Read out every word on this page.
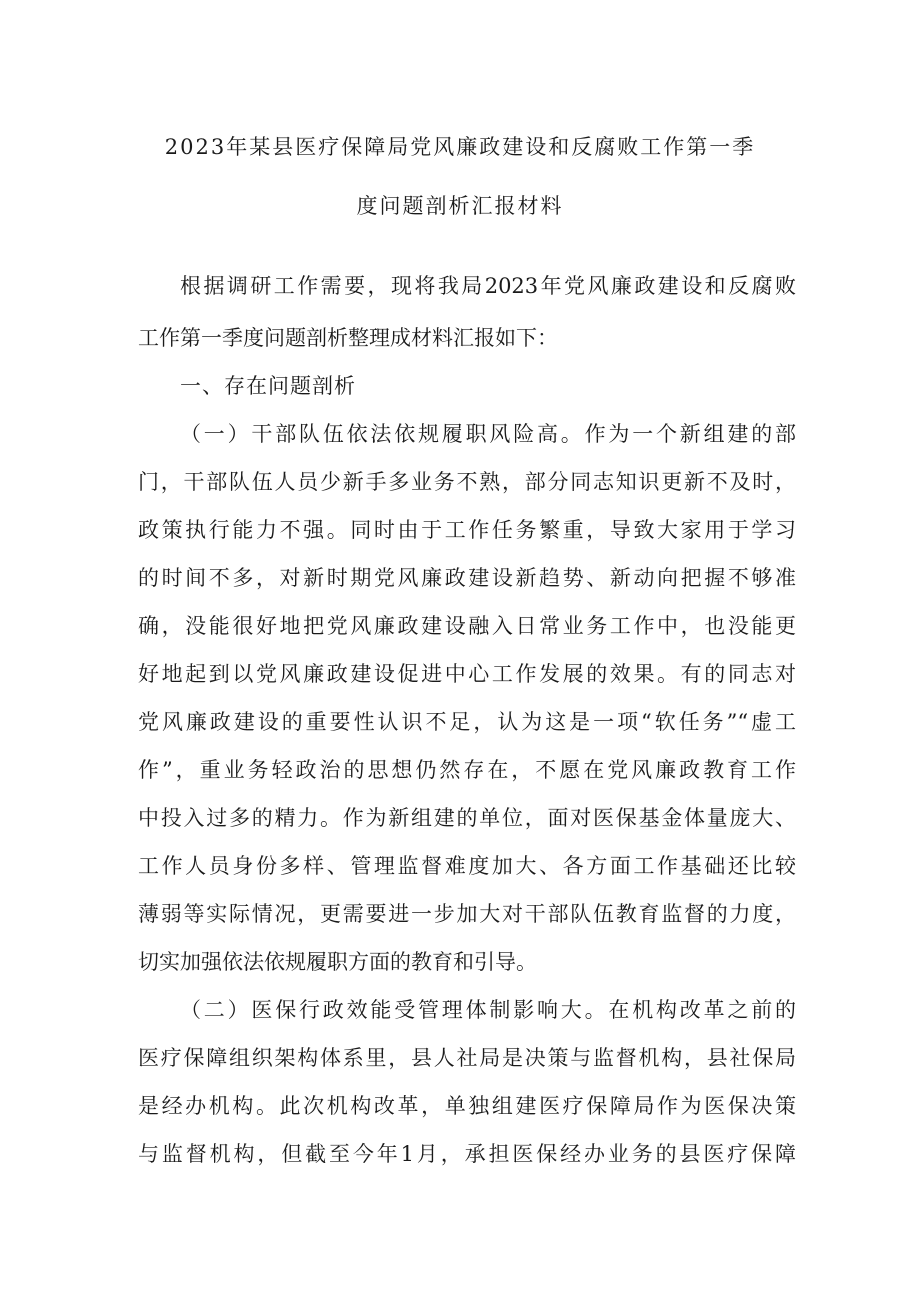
2023年某县医疗保障局党风廉政建设和反腐败工作第一季
度问题剖析汇报材料
根据调研工作需要，现将我局2023年党风廉政建设和反腐败
工作第一季度问题剖析整理成材料汇报如下：
一、存在问题剖析
（一）干部队伍依法依规履职风险高。作为一个新组建的部
门，干部队伍人员少新手多业务不熟，部分同志知识更新不及时，
政策执行能力不强。同时由于工作任务繁重，导致大家用于学习
的时间不多，对新时期党风廉政建设新趋势、新动向把握不够准
确，没能很好地把党风廉政建设融入日常业务工作中，也没能更
好地起到以党风廉政建设促进中心工作发展的效果。有的同志对
党风廉政建设的重要性认识不足，认为这是一项“软任务”“虚工
作”，重业务轻政治的思想仍然存在，不愿在党风廉政教育工作
中投入过多的精力。作为新组建的单位，面对医保基金体量庞大、
工作人员身份多样、管理监督难度加大、各方面工作基础还比较
薄弱等实际情况，更需要进一步加大对干部队伍教育监督的力度，
切实加强依法依规履职方面的教育和引导。
（二）医保行政效能受管理体制影响大。在机构改革之前的
医疗保障组织架构体系里，县人社局是决策与监督机构，县社保局
是经办机构。此次机构改革，单独组建医疗保障局作为医保决策
与监督机构，但截至今年1月，承担医保经办业务的县医疗保障
